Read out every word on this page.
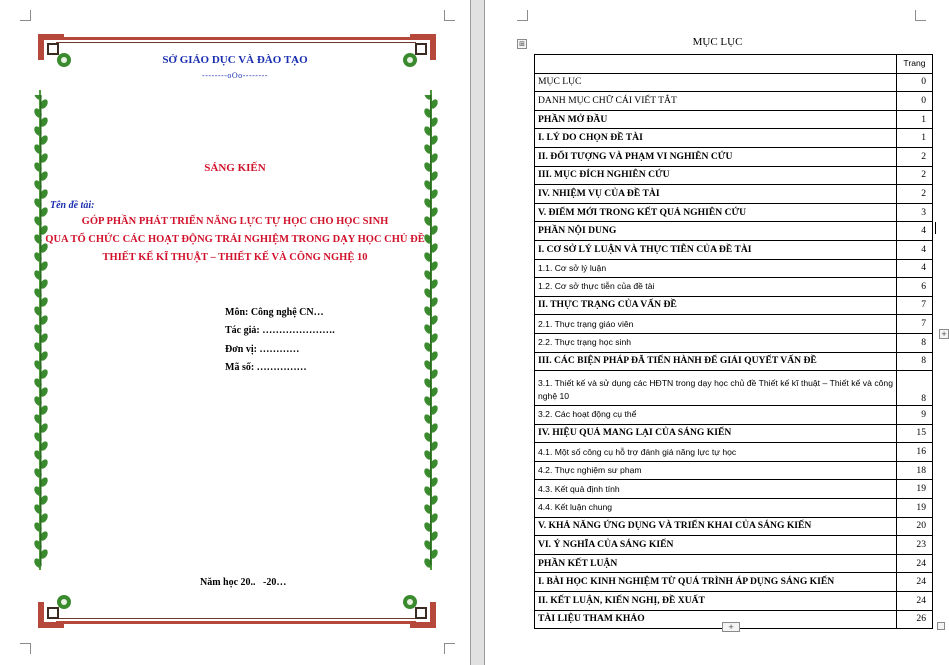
SỞ GIÁO DỤC VÀ ĐÀO TẠO
--------oOo--------
SÁNG KIẾN
Tên đề tài:
GÓP PHẦN PHÁT TRIỂN NĂNG LỰC TỰ HỌC CHO HỌC SINH
QUA TỔ CHỨC CÁC HOẠT ĐỘNG TRẢI NGHIỆM TRONG DẠY HỌC CHỦ ĐỀ
THIẾT KẾ KĨ THUẬT – THIẾT KẾ VÀ CÔNG NGHỆ 10
Môn: Công nghệ CN…
Tác giả: ………………….
Đơn vị: …………
Mã số: ……………
Năm học 20..   -20…
⊞	MỤC LỤC
	Trang
MỤC LỤC	0
DANH MỤC CHỮ CÁI VIẾT TẮT	0
PHẦN MỞ ĐẦU	1
I. LÝ DO CHỌN ĐỀ TÀI	1
II. ĐỐI TƯỢNG VÀ PHẠM VI NGHIÊN CỨU	2
III. MỤC ĐÍCH NGHIÊN CỨU	2
IV. NHIỆM VỤ CỦA ĐỀ TÀI	2
V. ĐIỂM MỚI TRONG KẾT QUẢ NGHIÊN CỨU	3
PHẦN NỘI DUNG	4
I. CƠ SỞ LÝ LUẬN VÀ THỰC TIỄN CỦA ĐỀ TÀI	4
1.1. Cơ sở lý luận	4
1.2. Cơ sở thực tiễn của đề tài	6
II. THỰC TRẠNG CỦA VẤN ĐỀ	7
2.1. Thực trạng giáo viên	7
2.2. Thực trạng học sinh	8
III. CÁC BIỆN PHÁP ĐÃ TIẾN HÀNH ĐỂ GIẢI QUYẾT VẤN ĐỀ	8
3.1. Thiết kế và sử dụng các HĐTN trong dạy học chủ đề Thiết kế kĩ thuật – Thiết kế và công nghệ 10	8
3.2. Các hoạt động cụ thể	9
IV. HIỆU QUẢ MANG LẠI CỦA SÁNG KIẾN	15
4.1. Một số công cụ hỗ trợ đánh giá năng lực tự học	16
4.2. Thực nghiệm sư phạm	18
4.3. Kết quả định tính	19
4.4. Kết luận chung	19
V. KHẢ NĂNG ỨNG DỤNG VÀ TRIỂN KHAI CỦA SÁNG KIẾN	20
VI. Ý NGHĨA CỦA SÁNG KIẾN	23
PHẦN KẾT LUẬN	24
I. BÀI HỌC KINH NGHIỆM TỪ QUÁ TRÌNH ÁP DỤNG SÁNG KIẾN	24
II. KẾT LUẬN, KIẾN NGHỊ, ĐỀ XUẤT	24
TÀI LIỆU THAM KHẢO	26
+
+
